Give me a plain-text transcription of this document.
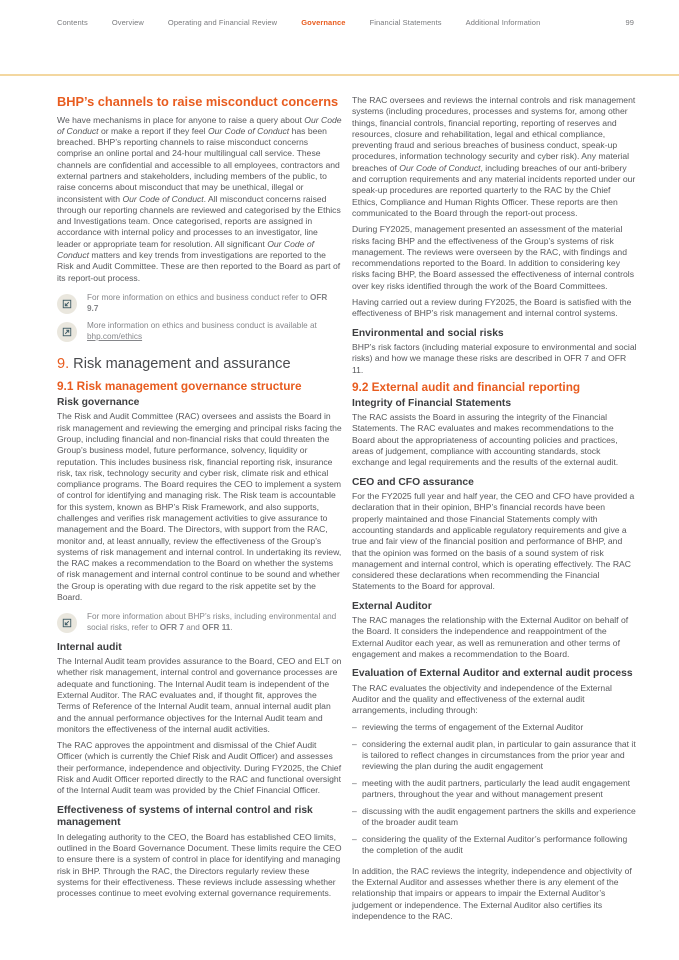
Contents	Overview	Operating and Financial Review	Governance	Financial Statements	Additional Information	99
BHP’s channels to raise misconduct concerns

We have mechanisms in place for anyone to raise a query about Our Code of Conduct or make a report if they feel Our Code of Conduct has been breached. BHP’s reporting channels to raise misconduct concerns comprise an online portal and 24-hour multilingual call service. These channels are confidential and accessible to all employees, contractors and external partners and stakeholders, including members of the public, to raise concerns about misconduct that may be unethical, illegal or inconsistent with Our Code of Conduct. All misconduct concerns raised through our reporting channels are reviewed and categorised by the Ethics and Investigations team. Once categorised, reports are assigned in accordance with internal policy and processes to an investigator, line leader or appropriate team for resolution. All significant Our Code of Conduct matters and key trends from investigations are reported to the Risk and Audit Committee. These are then reported to the Board as part of its report-out process.

For more information on ethics and business conduct refer to OFR 9.7

More information on ethics and business conduct is available at bhp.com/ethics

9. Risk management and assurance
9.1 Risk management governance structure
Risk governance

The Risk and Audit Committee (RAC) oversees and assists the Board in risk management and reviewing the emerging and principal risks facing the Group, including financial and non-financial risks that could threaten the Group’s business model, future performance, solvency, liquidity or reputation. This includes business risk, financial reporting risk, insurance risk, tax risk, technology security and cyber risk, climate risk and ethical compliance programs. The Board requires the CEO to implement a system of control for identifying and managing risk. The Risk team is accountable for this system, known as BHP’s Risk Framework, and also supports, challenges and verifies risk management activities to give assurance to management and the Board. The Directors, with support from the RAC, monitor and, at least annually, review the effectiveness of the Group’s systems of risk management and internal control. In undertaking its review, the RAC makes a recommendation to the Board on whether the systems of risk management and internal control continue to be sound and whether the Group is operating with due regard to the risk appetite set by the Board.

For more information about BHP’s risks, including environmental and social risks, refer to OFR 7 and OFR 11.

Internal audit

The Internal Audit team provides assurance to the Board, CEO and ELT on whether risk management, internal control and governance processes are adequate and functioning. The Internal Audit team is independent of the External Auditor. The RAC evaluates and, if thought fit, approves the Terms of Reference of the Internal Audit team, annual internal audit plan and the annual performance objectives for the Internal Audit team and monitors the effectiveness of the internal audit activities.

The RAC approves the appointment and dismissal of the Chief Audit Officer (which is currently the Chief Risk and Audit Officer) and assesses their performance, independence and objectivity. During FY2025, the Chief Risk and Audit Officer reported directly to the RAC and functional oversight of the Internal Audit team was provided by the Chief Financial Officer.

Effectiveness of systems of internal control and risk management

In delegating authority to the CEO, the Board has established CEO limits, outlined in the Board Governance Document. These limits require the CEO to ensure there is a system of control in place for identifying and managing risk in BHP. Through the RAC, the Directors regularly review these systems for their effectiveness. These reviews include assessing whether processes continue to meet evolving external governance requirements.

The RAC oversees and reviews the internal controls and risk management systems (including procedures, processes and systems for, among other things, financial controls, financial reporting, reporting of reserves and resources, closure and rehabilitation, legal and ethical compliance, preventing fraud and serious breaches of business conduct, speak-up procedures, information technology security and cyber risk). Any material breaches of Our Code of Conduct, including breaches of our anti-bribery and corruption requirements and any material incidents reported under our speak-up procedures are reported quarterly to the RAC by the Chief Ethics, Compliance and Human Rights Officer. These reports are then communicated to the Board through the report-out process.

During FY2025, management presented an assessment of the material risks facing BHP and the effectiveness of the Group’s systems of risk management. The reviews were overseen by the RAC, with findings and recommendations reported to the Board. In addition to considering key risks facing BHP, the Board assessed the effectiveness of internal controls over key risks identified through the work of the Board Committees.

Having carried out a review during FY2025, the Board is satisfied with the effectiveness of BHP’s risk management and internal control systems.

Environmental and social risks

BHP’s risk factors (including material exposure to environmental and social risks) and how we manage these risks are described in OFR 7 and OFR 11.

9.2 External audit and financial reporting
Integrity of Financial Statements

The RAC assists the Board in assuring the integrity of the Financial Statements. The RAC evaluates and makes recommendations to the Board about the appropriateness of accounting policies and practices, areas of judgement, compliance with accounting standards, stock exchange and legal requirements and the results of the external audit.

CEO and CFO assurance

For the FY2025 full year and half year, the CEO and CFO have provided a declaration that in their opinion, BHP’s financial records have been properly maintained and those Financial Statements comply with accounting standards and applicable regulatory requirements and give a true and fair view of the financial position and performance of BHP, and that the opinion was formed on the basis of a sound system of risk management and internal control, which is operating effectively. The RAC considered these declarations when recommending the Financial Statements to the Board for approval.

External Auditor

The RAC manages the relationship with the External Auditor on behalf of the Board. It considers the independence and reappointment of the External Auditor each year, as well as remuneration and other terms of engagement and makes a recommendation to the Board.

Evaluation of External Auditor and external audit process

The RAC evaluates the objectivity and independence of the External Auditor and the quality and effectiveness of the external audit arrangements, including through:

– reviewing the terms of engagement of the External Auditor
– considering the external audit plan, in particular to gain assurance that it is tailored to reflect changes in circumstances from the prior year and reviewing the plan during the audit engagement
– meeting with the audit partners, particularly the lead audit engagement partners, throughout the year and without management present
– discussing with the audit engagement partners the skills and experience of the broader audit team
– considering the quality of the External Auditor’s performance following the completion of the audit

In addition, the RAC reviews the integrity, independence and objectivity of the External Auditor and assesses whether there is any element of the relationship that impairs or appears to impair the External Auditor’s judgement or independence. The External Auditor also certifies its independence to the RAC.
